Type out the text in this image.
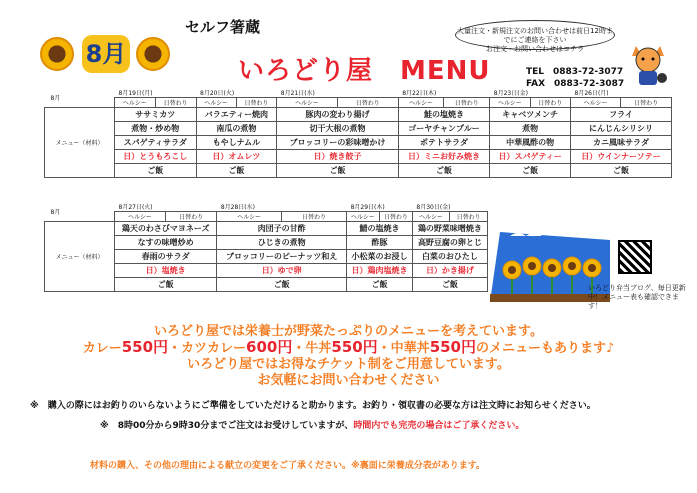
8月
セルフ箸蔵
いろどり屋　MENU
大量注文・新規注文のお問い合わせは前日12時までにご連絡を下さい
お注文・お問い合わせはコチラ
TEL　0883-72-3077
FAX　0883-72-3087
8月	8月19日(月)		8月20日(火)		8月21日(水)		8月22日(木)		8月23日(金)		8月26日(月)	
	ヘルシー	日替わり	ヘルシー	日替わり	ヘルシー	日替わり	ヘルシー	日替わり	ヘルシー	日替わり	ヘルシー	日替わり
メニュー（材料）	ササミカツ		バラエティー焼肉		豚肉の変わり揚げ		鮭の塩焼き		キャベツメンチ		フライ	
	煮物・炒め物		南瓜の煮物		切干大根の煮物		ゴーヤチャンプルー		煮物		にんじんシリシリ	
	スパゲティサラダ		もやしナムル		ブロッコリーの彩味噌かけ		ポテトサラダ		中華風酢の物		カニ風味サラダ	
	日）とうもろこし		日）オムレツ		日）焼き餃子		日）ミニお好み焼き		日）スパゲティー		日）ウインナーソテー	
	ご飯		ご飯		ご飯		ご飯		ご飯		ご飯	
8月	8月27日(火)		8月28日(水)		8月29日(木)		8月30日(金)	
	ヘルシー	日替わり	ヘルシー	日替わり	ヘルシー	日替わり	ヘルシー	日替わり
メニュー（材料）	鶏天のわさびマヨネーズ		肉団子の甘酢		鯖の塩焼き		鶏の野菜味噌焼き	
	なすの味噌炒め		ひじきの煮物		酢豚		高野豆腐の卵とじ	
	春雨のサラダ		ブロッコリーのピーナッツ和え		小松菜のお浸し		白菜のおひたし	
	日）塩焼き		日）ゆで卵		日）鶏肉塩焼き		日）かき揚げ	
	ご飯		ご飯		ご飯		ご飯		いろどり弁当ブログ、毎日更新中！メニュー表も確認できます！
いろどり屋では栄養士が野菜たっぷりのメニューを考えています。
カレー550円・カツカレー600円・牛丼550円・中華丼550円のメニューもあります♪
いろどり屋ではお得なチケット制をご用意しています。
お気軽にお問い合わせください
※　購入の際にはお釣りのいらないようにご準備をしていただけると助かります。お釣り・領収書の必要な方は注文時にお知らせください。
※　8時00分から9時30分までご注文はお受けしていますが、時間内でも完売の場合はご了承ください。
材料の購入、その他の理由による献立の変更をご了承ください。※裏面に栄養成分表があります。
